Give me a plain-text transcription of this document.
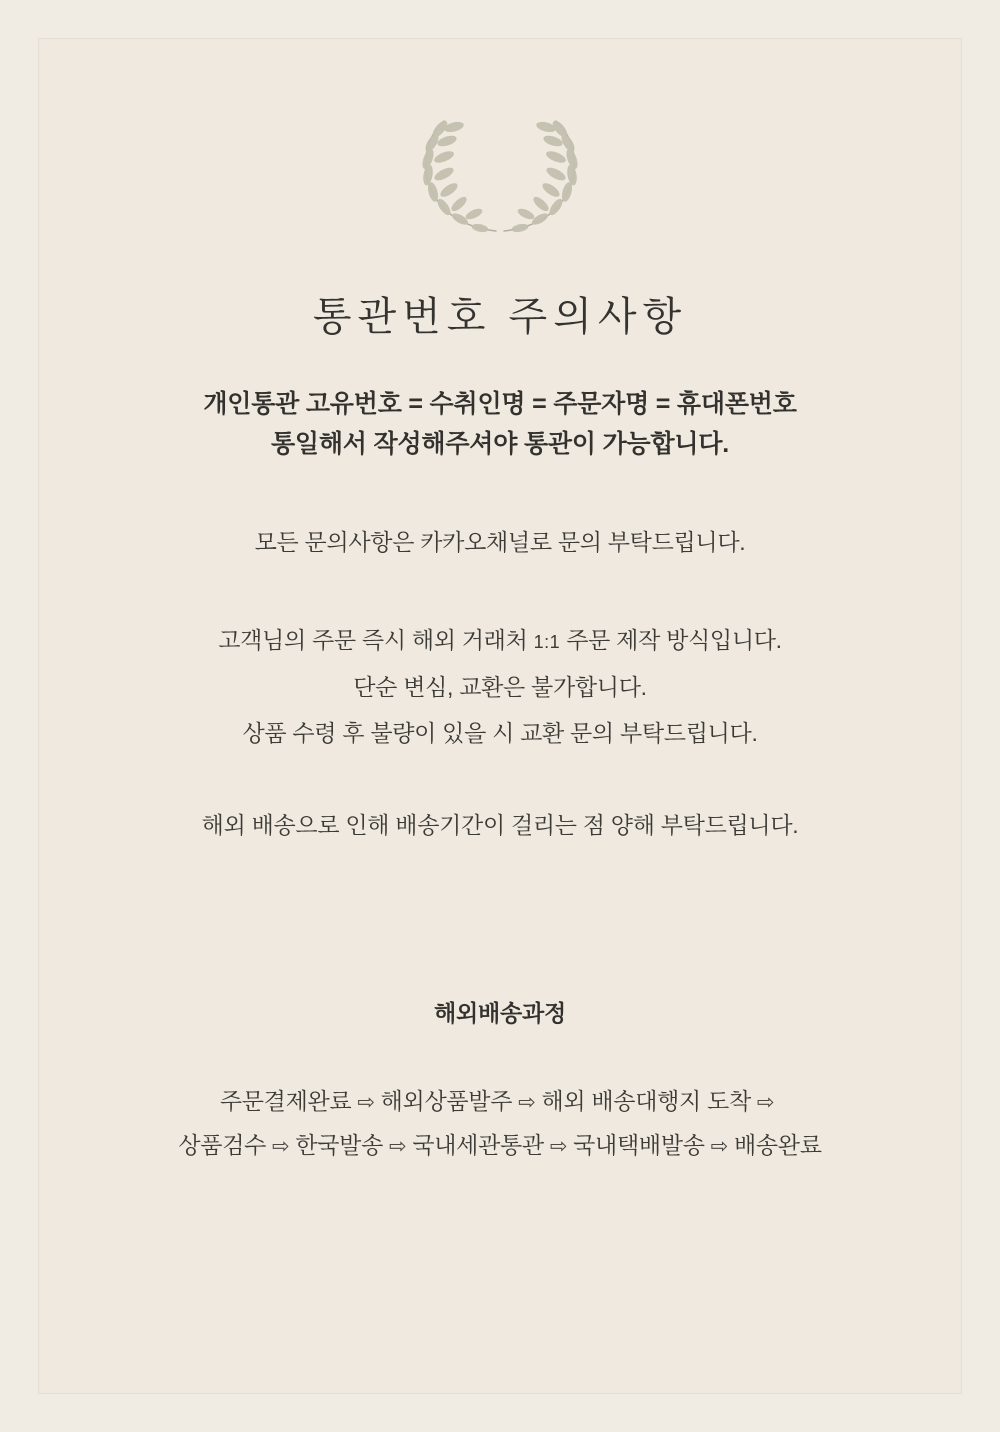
통관번호 주의사항
개인통관 고유번호 = 수취인명 = 주문자명 = 휴대폰번호
통일해서 작성해주셔야 통관이 가능합니다.
모든 문의사항은 카카오채널로 문의 부탁드립니다.
고객님의 주문 즉시 해외 거래처 1:1 주문 제작 방식입니다.
단순 변심, 교환은 불가합니다.
상품 수령 후 불량이 있을 시 교환 문의 부탁드립니다.
해외 배송으로 인해 배송기간이 걸리는 점 양해 부탁드립니다.
해외배송과정
주문결제완료 ⇨ 해외상품발주 ⇨ 해외 배송대행지 도착 ⇨
상품검수 ⇨ 한국발송 ⇨ 국내세관통관 ⇨ 국내택배발송 ⇨ 배송완료
